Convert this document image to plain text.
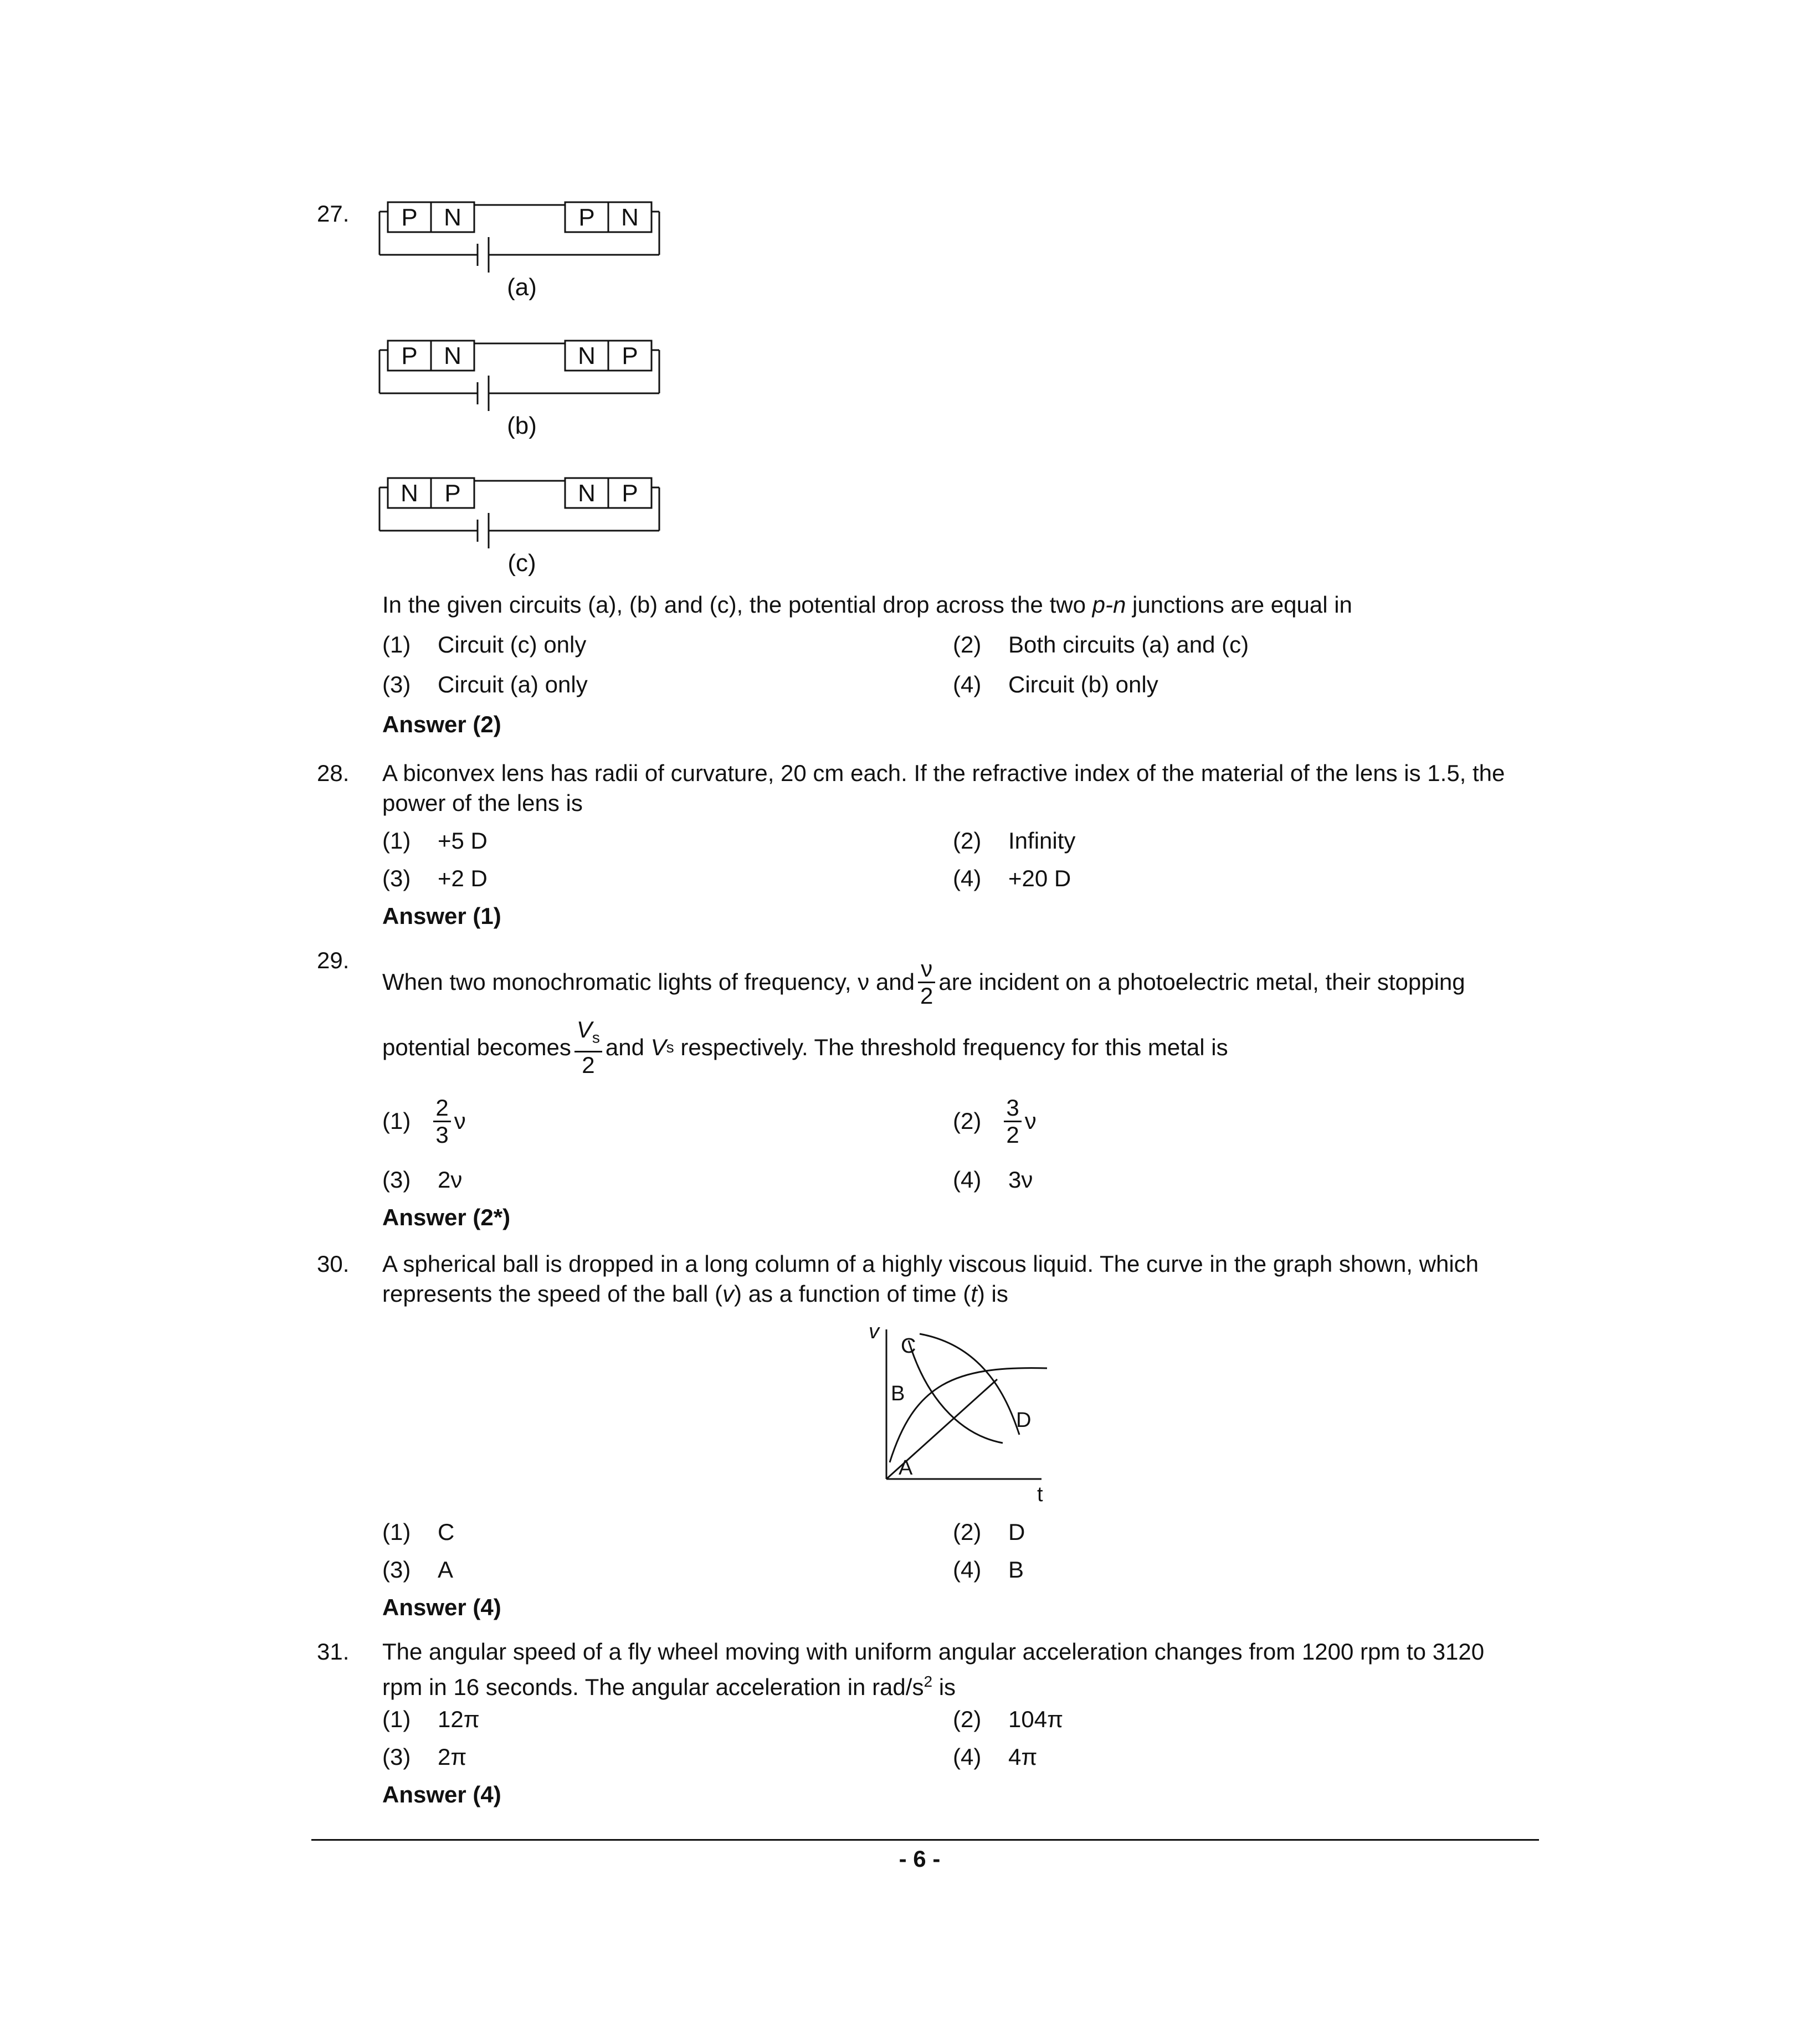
27. P N	P N
(a)
P N	N P
(b)
N P	N P
(c)
In the given circuits (a), (b) and (c), the potential drop across the two p-n junctions are equal in
(1) Circuit (c) only	(2) Both circuits (a) and (c)
(3) Circuit (a) only	(4) Circuit (b) only
Answer (2)
28. A biconvex lens has radii of curvature, 20 cm each. If the refractive index of the material of the lens is 1.5, the
power of the lens is
(1) +5 D	(2) Infinity
(3) +2 D	(4) +20 D
Answer (1)
29.
When two monochromatic lights of frequency, ν and $\frac{\nu}{2}$ are incident on a photoelectric metal, their stopping
potential becomes $\frac{V_s}{2}$ and
V s
respectively. The threshold frequency for this metal is
(1)
$\frac{2}{3}$ ν	(2)
$\frac{3}{2}$ ν
(3) 2ν	(4) 3ν
Answer (2*)
30. A spherical ball is dropped in a long column of a highly viscous liquid. The curve in the graph shown, which
represents the speed of the ball (v) as a function of time (t) is
v
t
A
B
C
D
(1) C	(2) D
(3) A	(4) B
Answer (4)
31. The angular speed of a fly wheel moving with uniform angular acceleration changes from 1200 rpm to 3120
rpm in 16 seconds. The angular acceleration in rad/$s^2$ is
(1) 12π	(2) 104π
(3) 2π	(4) 4π
Answer (4)
- 6 -
